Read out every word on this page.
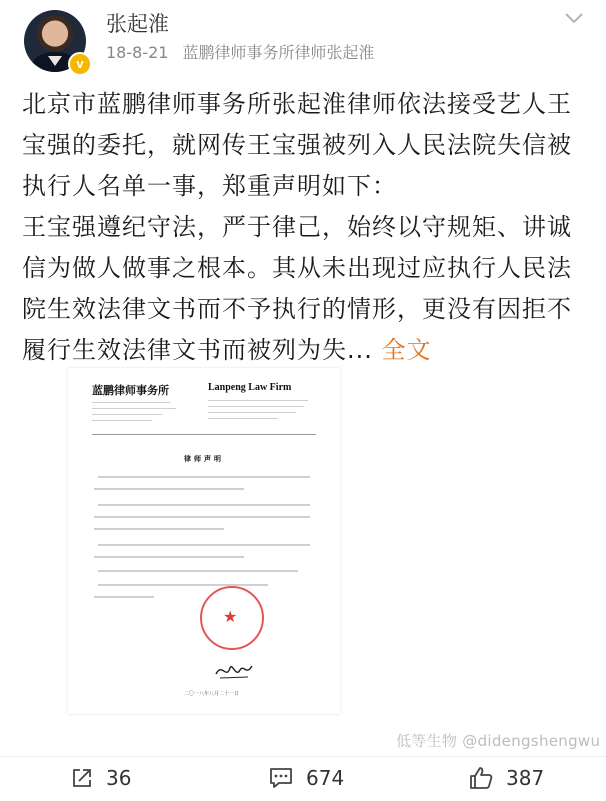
v
张起淮
18-8-21 蓝鹏律师事务所律师张起淮

北京市蓝鹏律师事务所张起淮律师依法接受艺人王宝强的委托，就网传王宝强被列入人民法院失信被执行人名单一事，郑重声明如下：

王宝强遵纪守法，严于律己，始终以守规矩、讲诚信为做人做事之根本。其从未出现过应执行人民法院生效法律文书而不予执行的情形，更没有因拒不履行生效法律文书而被列为失... 全文

蓝鹏律师事务所	Lanpeng Law Firm
律师声明
★
二〇一八年八月二十一日
低等生物 @didengshengwu
36	674	387
